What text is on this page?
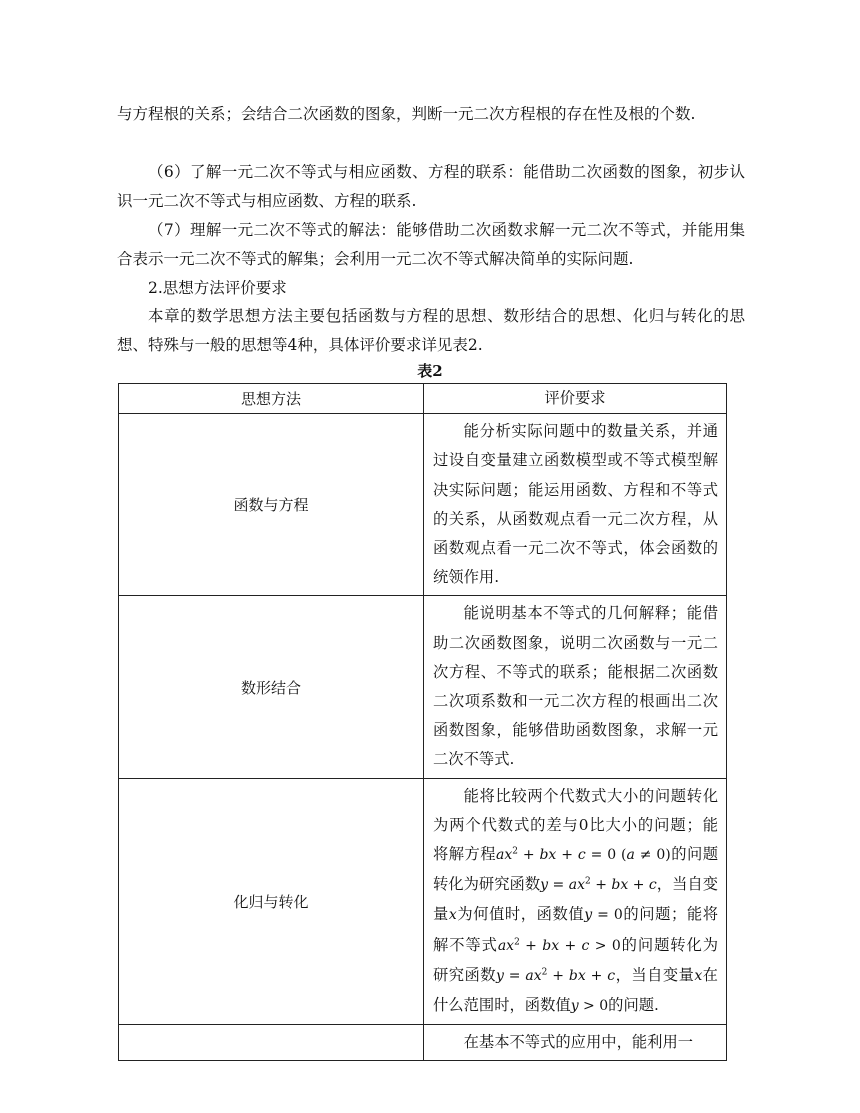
与方程根的关系；会结合二次函数的图象，判断一元二次方程根的存在性及根的个数.

（6）了解一元二次不等式与相应函数、方程的联系：能借助二次函数的图象，初步认识一元二次不等式与相应函数、方程的联系.

（7）理解一元二次不等式的解法：能够借助二次函数求解一元二次不等式，并能用集合表示一元二次不等式的解集；会利用一元二次不等式解决简单的实际问题.

2.思想方法评价要求

本章的数学思想方法主要包括函数与方程的思想、数形结合的思想、化归与转化的思想、特殊与一般的思想等4种，具体评价要求详见表2.

表2
思想方法	评价要求
函数与方程	能分析实际问题中的数量关系，并通过设自变量建立函数模型或不等式模型解决实际问题；能运用函数、方程和不等式的关系，从函数观点看一元二次方程，从函数观点看一元二次不等式，体会函数的统领作用.

数形结合	能说明基本不等式的几何解释；能借助二次函数图象，说明二次函数与一元二次方程、不等式的联系；能根据二次函数二次项系数和一元二次方程的根画出二次函数图象，能够借助函数图象，求解一元二次不等式.

化归与转化	能将比较两个代数式大小的问题转化为两个代数式的差与0比大小的问题；能将解方程$ax^2$ + bx + c = 0 (a ≠ 0)的问题转化为研究函数$y = ax^2$ + bx + c，当自变量x为何值时，函数值y = 0的问题；能将解不等式$ax^2$ + bx + c > 0的问题转化为研究函数$y = ax^2$ + bx + c，当自变量x在什么范围时，函数值y > 0的问题.

	在基本不等式的应用中，能利用一
